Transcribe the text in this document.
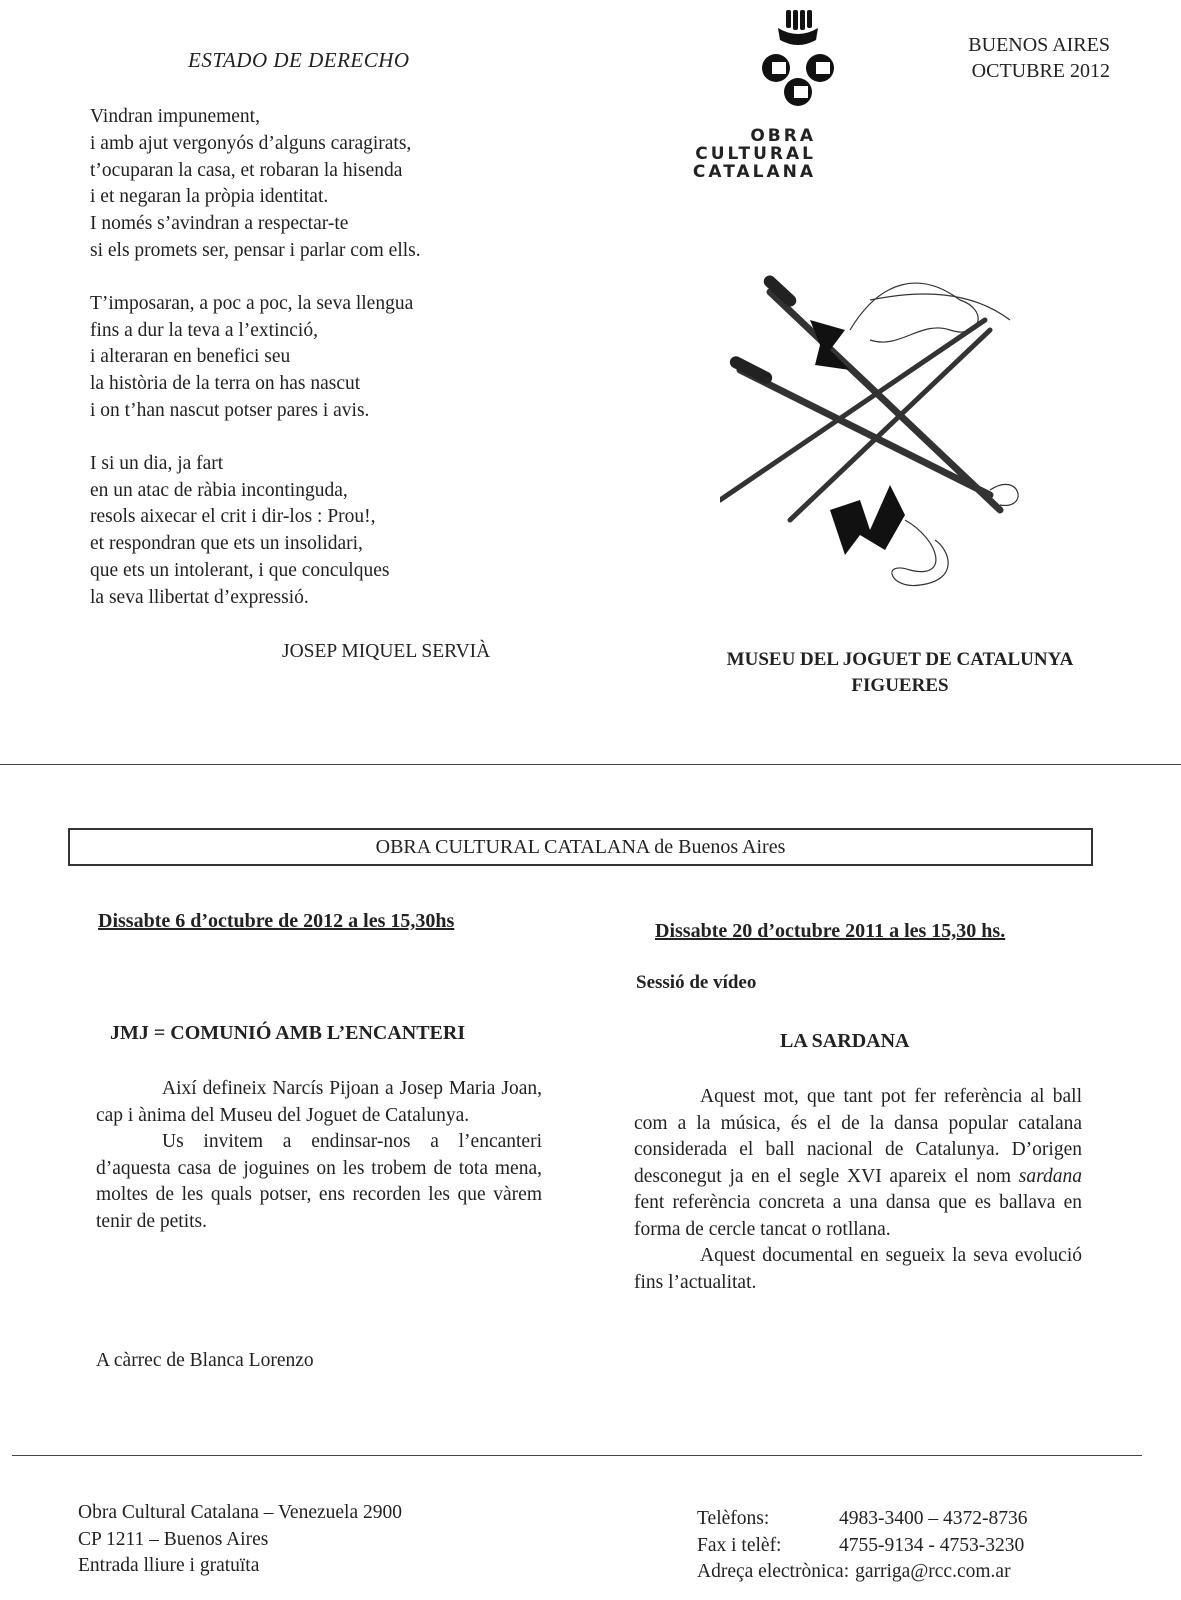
ESTADO DE DERECHO
Vindran impunement,
i amb ajut vergonyós d’alguns caragirats,
t’ocuparan la casa, et robaran la hisenda
i et negaran la pròpia identitat.
I només s’avindran a respectar-te
si els promets ser, pensar i parlar com ells.
T’imposaran, a poc a poc, la seva llengua
fins a dur la teva a l’extinció,
i alteraran en benefici seu
la història de la terra on has nascut
i on t’han nascut potser pares i avis.
I si un dia, ja fart
en un atac de ràbia incontinguda,
resols aixecar el crit i dir-los : Prou!,
et respondran que ets un insolidari,
que ets un intolerant, i que conculques
la seva llibertat d’expressió.
JOSEP MIQUEL SERVIÀ
BUENOS AIRES
OCTUBRE 2012
OBRA
CULTURAL
CATALANA
MUSEU DEL JOGUET DE CATALUNYA
FIGUERES
OBRA CULTURAL CATALANA de Buenos Aires
Dissabte 6 d’octubre de 2012 a les 15,30hs	Dissabte 20 d’octubre 2011 a les 15,30 hs.
Sessió de vídeo
JMJ = COMUNIÓ AMB L’ENCANTERI	LA SARDANA

Així defineix Narcís Pijoan a Josep Maria Joan, cap i ànima del Museu del Joguet de Catalunya.

Us invitem a endinsar-nos a l’encanteri d’aquesta casa de joguines on les trobem de tota mena, moltes de les quals potser, ens recorden les que vàrem tenir de petits.

Aquest mot, que tant pot fer referència al ball com a la música, és el de la dansa popular catalana considerada el ball nacional de Catalunya. D’origen desconegut ja en el segle XVI apareix el nom sardana fent referència concreta a una dansa que es ballava en forma de cercle tancat o rotllana.

Aquest documental en segueix la seva evolució fins l’actualitat.

A càrrec de Blanca Lorenzo
Obra Cultural Catalana – Venezuela 2900
CP 1211 – Buenos Aires
Entrada lliure i gratuïta
Telèfons:	4983-3400 – 4372-8736
Fax i telèf:	4755-9134 - 4753-3230
Adreça electrònica: garriga@rcc.com.ar
